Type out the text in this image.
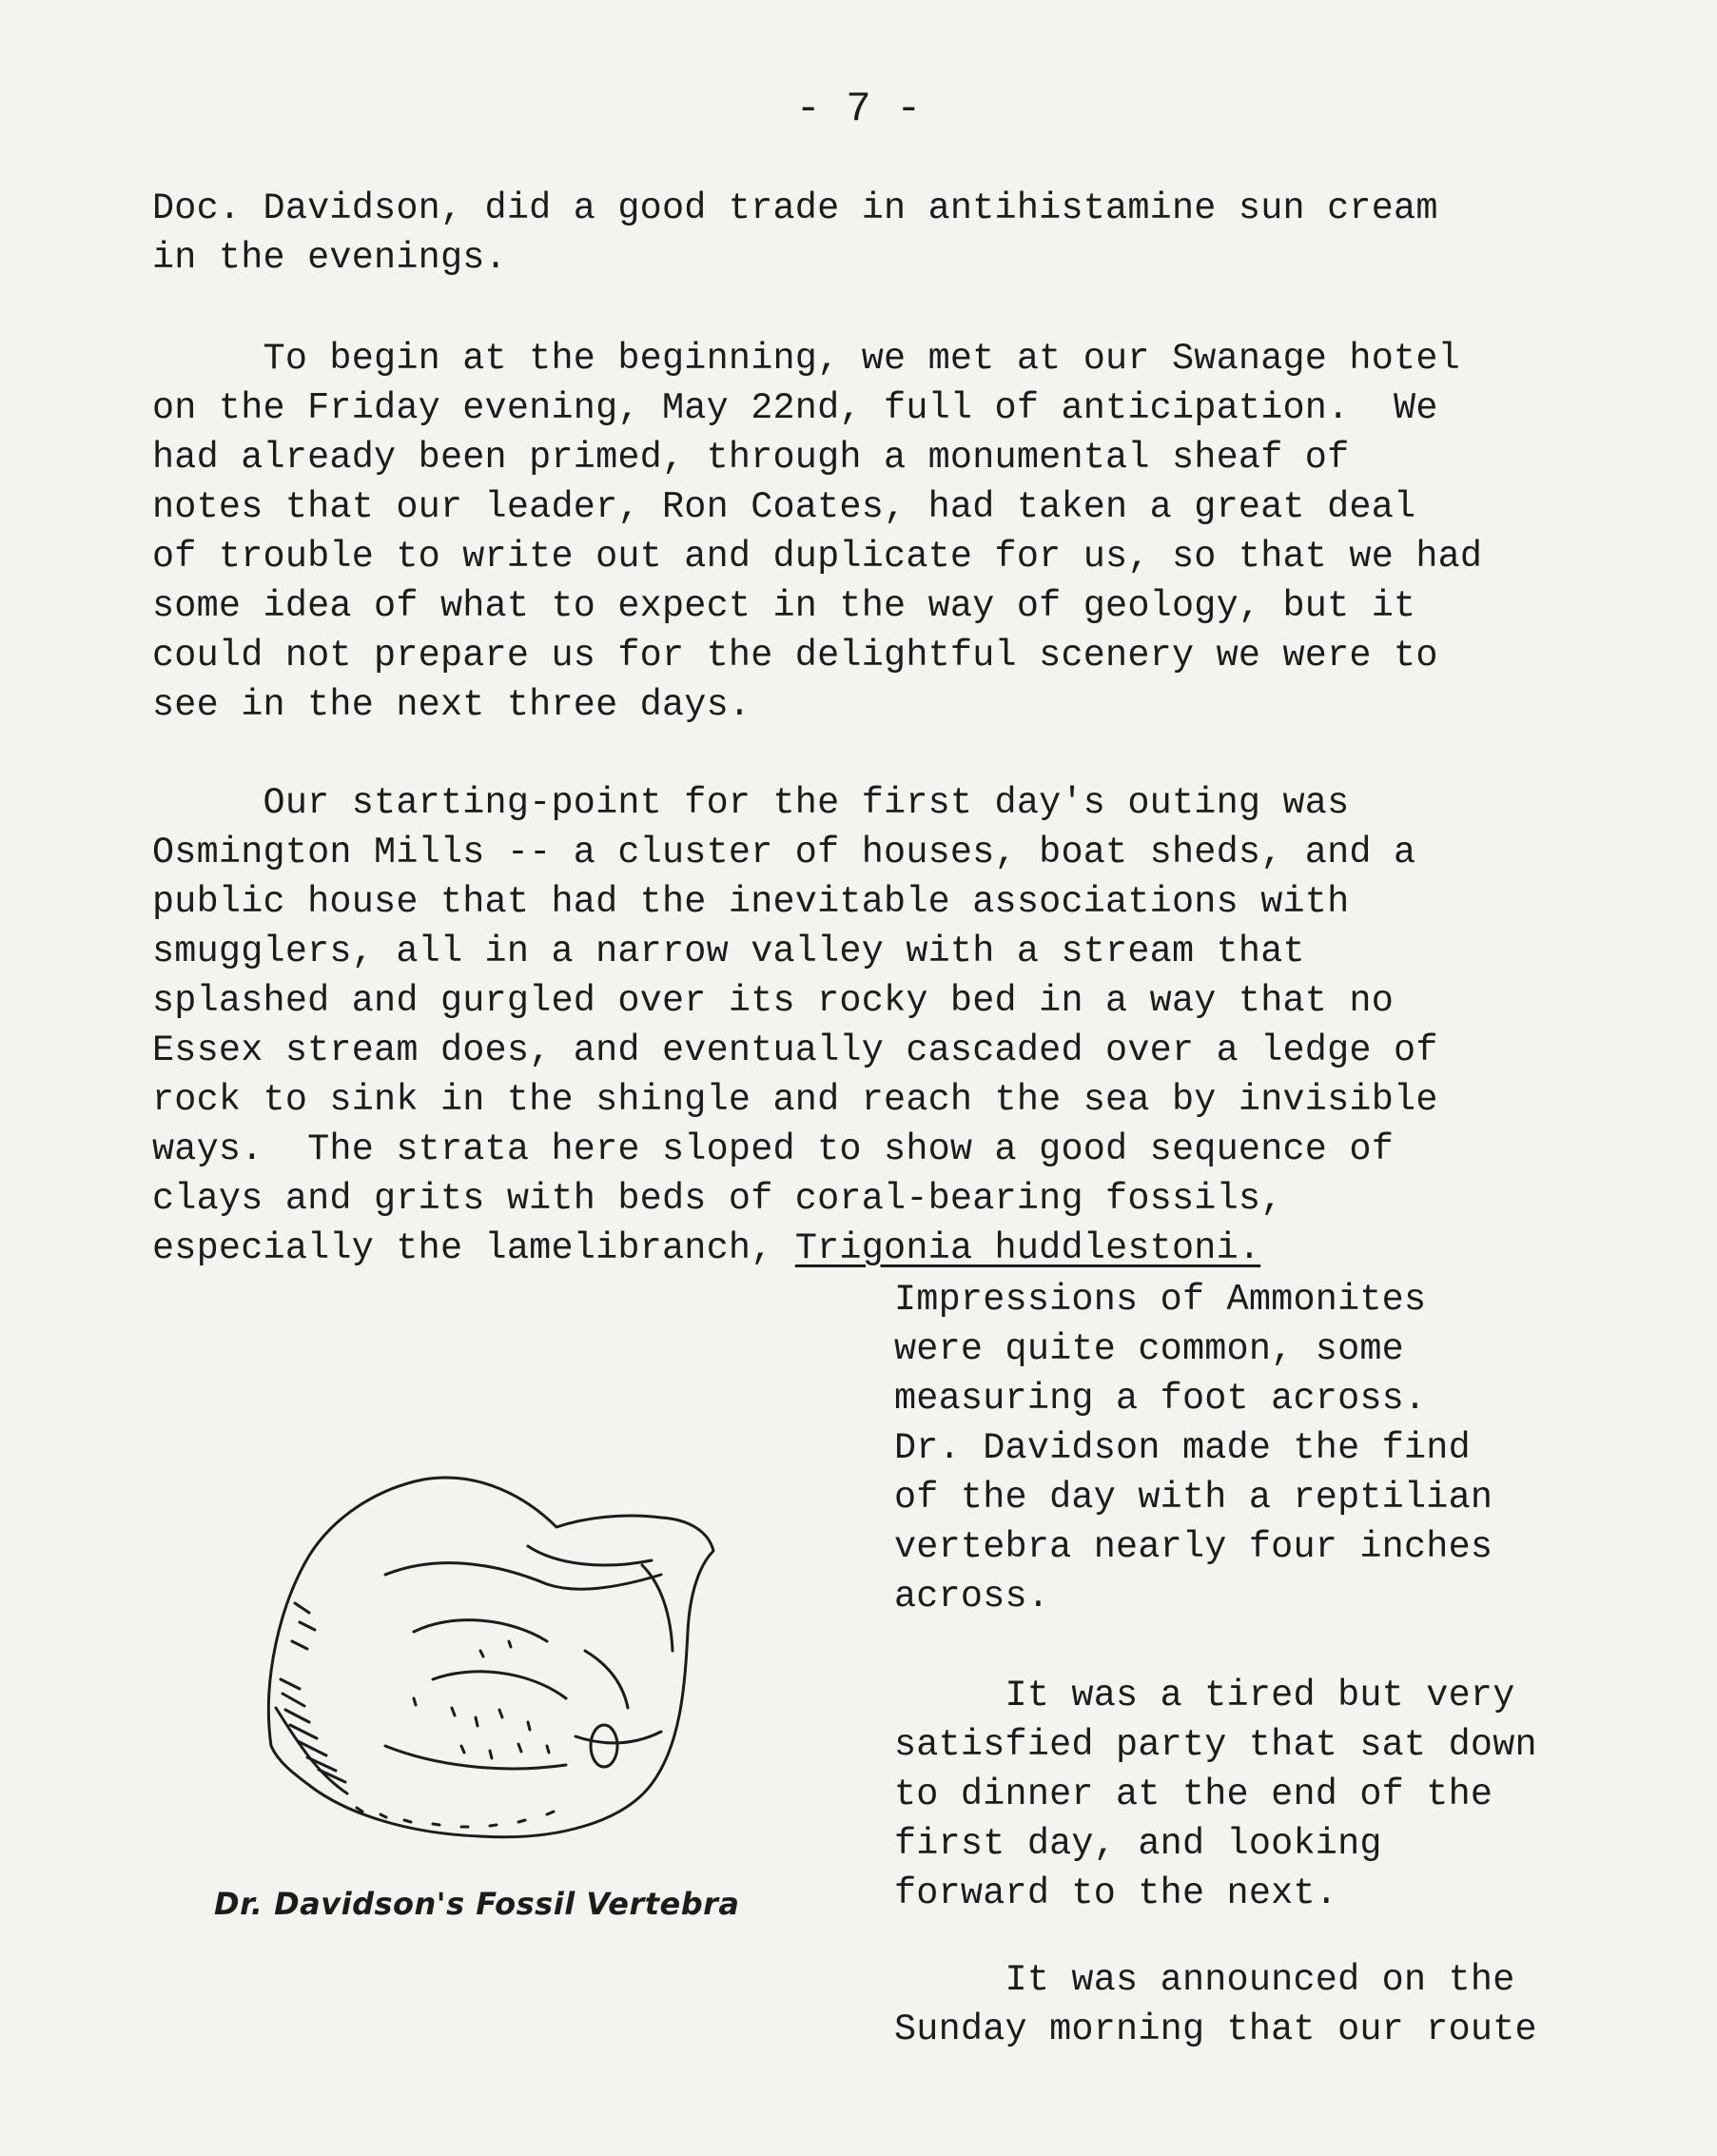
- 7 -
Doc. Davidson, did a good trade in antihistamine sun cream
in the evenings.
To begin at the beginning, we met at our Swanage hotel
on the Friday evening, May 22nd, full of anticipation.  We
had already been primed, through a monumental sheaf of
notes that our leader, Ron Coates, had taken a great deal
of trouble to write out and duplicate for us, so that we had
some idea of what to expect in the way of geology, but it
could not prepare us for the delightful scenery we were to
see in the next three days.
Our starting-point for the first day's outing was
Osmington Mills -- a cluster of houses, boat sheds, and a
public house that had the inevitable associations with
smugglers, all in a narrow valley with a stream that
splashed and gurgled over its rocky bed in a way that no
Essex stream does, and eventually cascaded over a ledge of
rock to sink in the shingle and reach the sea by invisible
ways.  The strata here sloped to show a good sequence of
clays and grits with beds of coral-bearing fossils,
especially the lamelibranch, Trigonia huddlestoni.
Impressions of Ammonites
were quite common, some
measuring a foot across.
Dr. Davidson made the find
of the day with a reptilian
vertebra nearly four inches
across.
It was a tired but very
satisfied party that sat down
to dinner at the end of the
first day, and looking
forward to the next.
It was announced on the
Sunday morning that our route
Dr. Davidson's Fossil Vertebra
